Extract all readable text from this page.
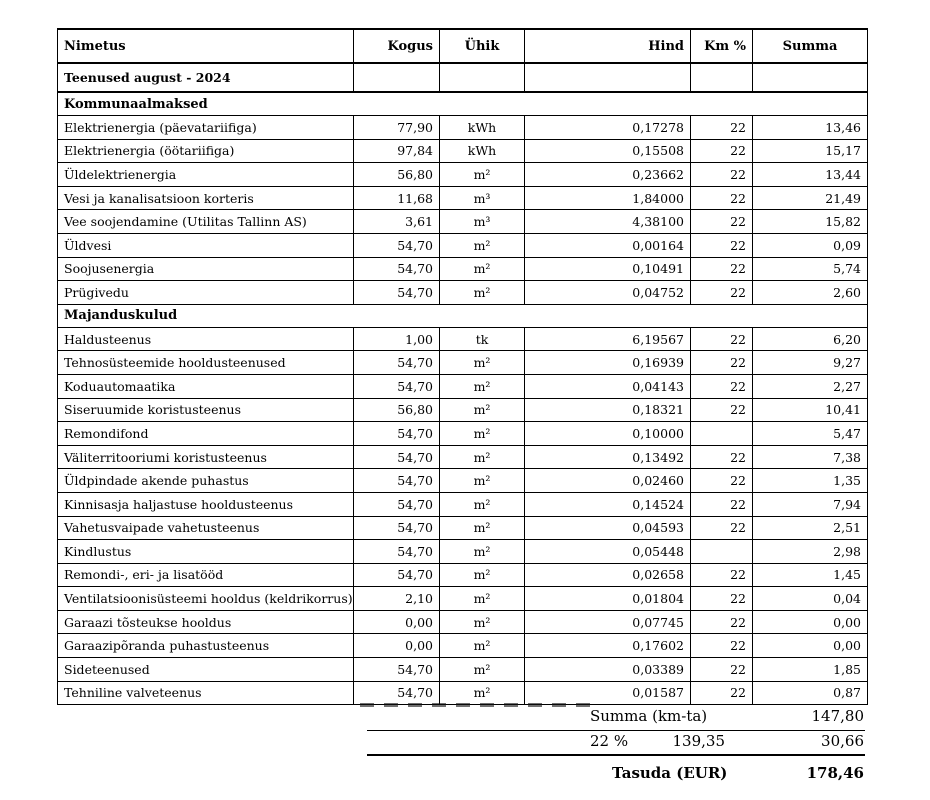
Nimetus	Kogus	Ühik	Hind	Km %	Summa
Teenused august - 2024					
Kommunaalmaksed					
Elektrienergia (päevatariifiga)	77,90	kWh	0,17278	22	13,46
Elektrienergia (öötariifiga)	97,84	kWh	0,15508	22	15,17
Üldelektrienergia	56,80	m²	0,23662	22	13,44
Vesi ja kanalisatsioon korteris	11,68	m³	1,84000	22	21,49
Vee soojendamine (Utilitas Tallinn AS)	3,61	m³	4,38100	22	15,82
Üldvesi	54,70	m²	0,00164	22	0,09
Soojusenergia	54,70	m²	0,10491	22	5,74
Prügivedu	54,70	m²	0,04752	22	2,60
Majanduskulud					
Haldusteenus	1,00	tk	6,19567	22	6,20
Tehnosüsteemide hooldusteenused	54,70	m²	0,16939	22	9,27
Koduautomaatika	54,70	m²	0,04143	22	2,27
Siseruumide koristusteenus	56,80	m²	0,18321	22	10,41
Remondifond	54,70	m²	0,10000		5,47
Väliterritooriumi koristusteenus	54,70	m²	0,13492	22	7,38
Üldpindade akende puhastus	54,70	m²	0,02460	22	1,35
Kinnisasja haljastuse hooldusteenus	54,70	m²	0,14524	22	7,94
Vahetusvaipade vahetusteenus	54,70	m²	0,04593	22	2,51
Kindlustus	54,70	m²	0,05448		2,98
Remondi-, eri- ja lisatööd	54,70	m²	0,02658	22	1,45
Ventilatsioonisüsteemi hooldus (keldrikorrus)	2,10	m²	0,01804	22	0,04
Garaazi tõsteukse hooldus	0,00	m²	0,07745	22	0,00
Garaazipõranda puhastusteenus	0,00	m²	0,17602	22	0,00
Sideteenused	54,70	m²	0,03389	22	1,85
Tehniline valveteenus	54,70	m²	0,01587	22	0,87
Summa (km-ta)	147,80
22 %	139,35	30,66
Tasuda (EUR)	178,46
